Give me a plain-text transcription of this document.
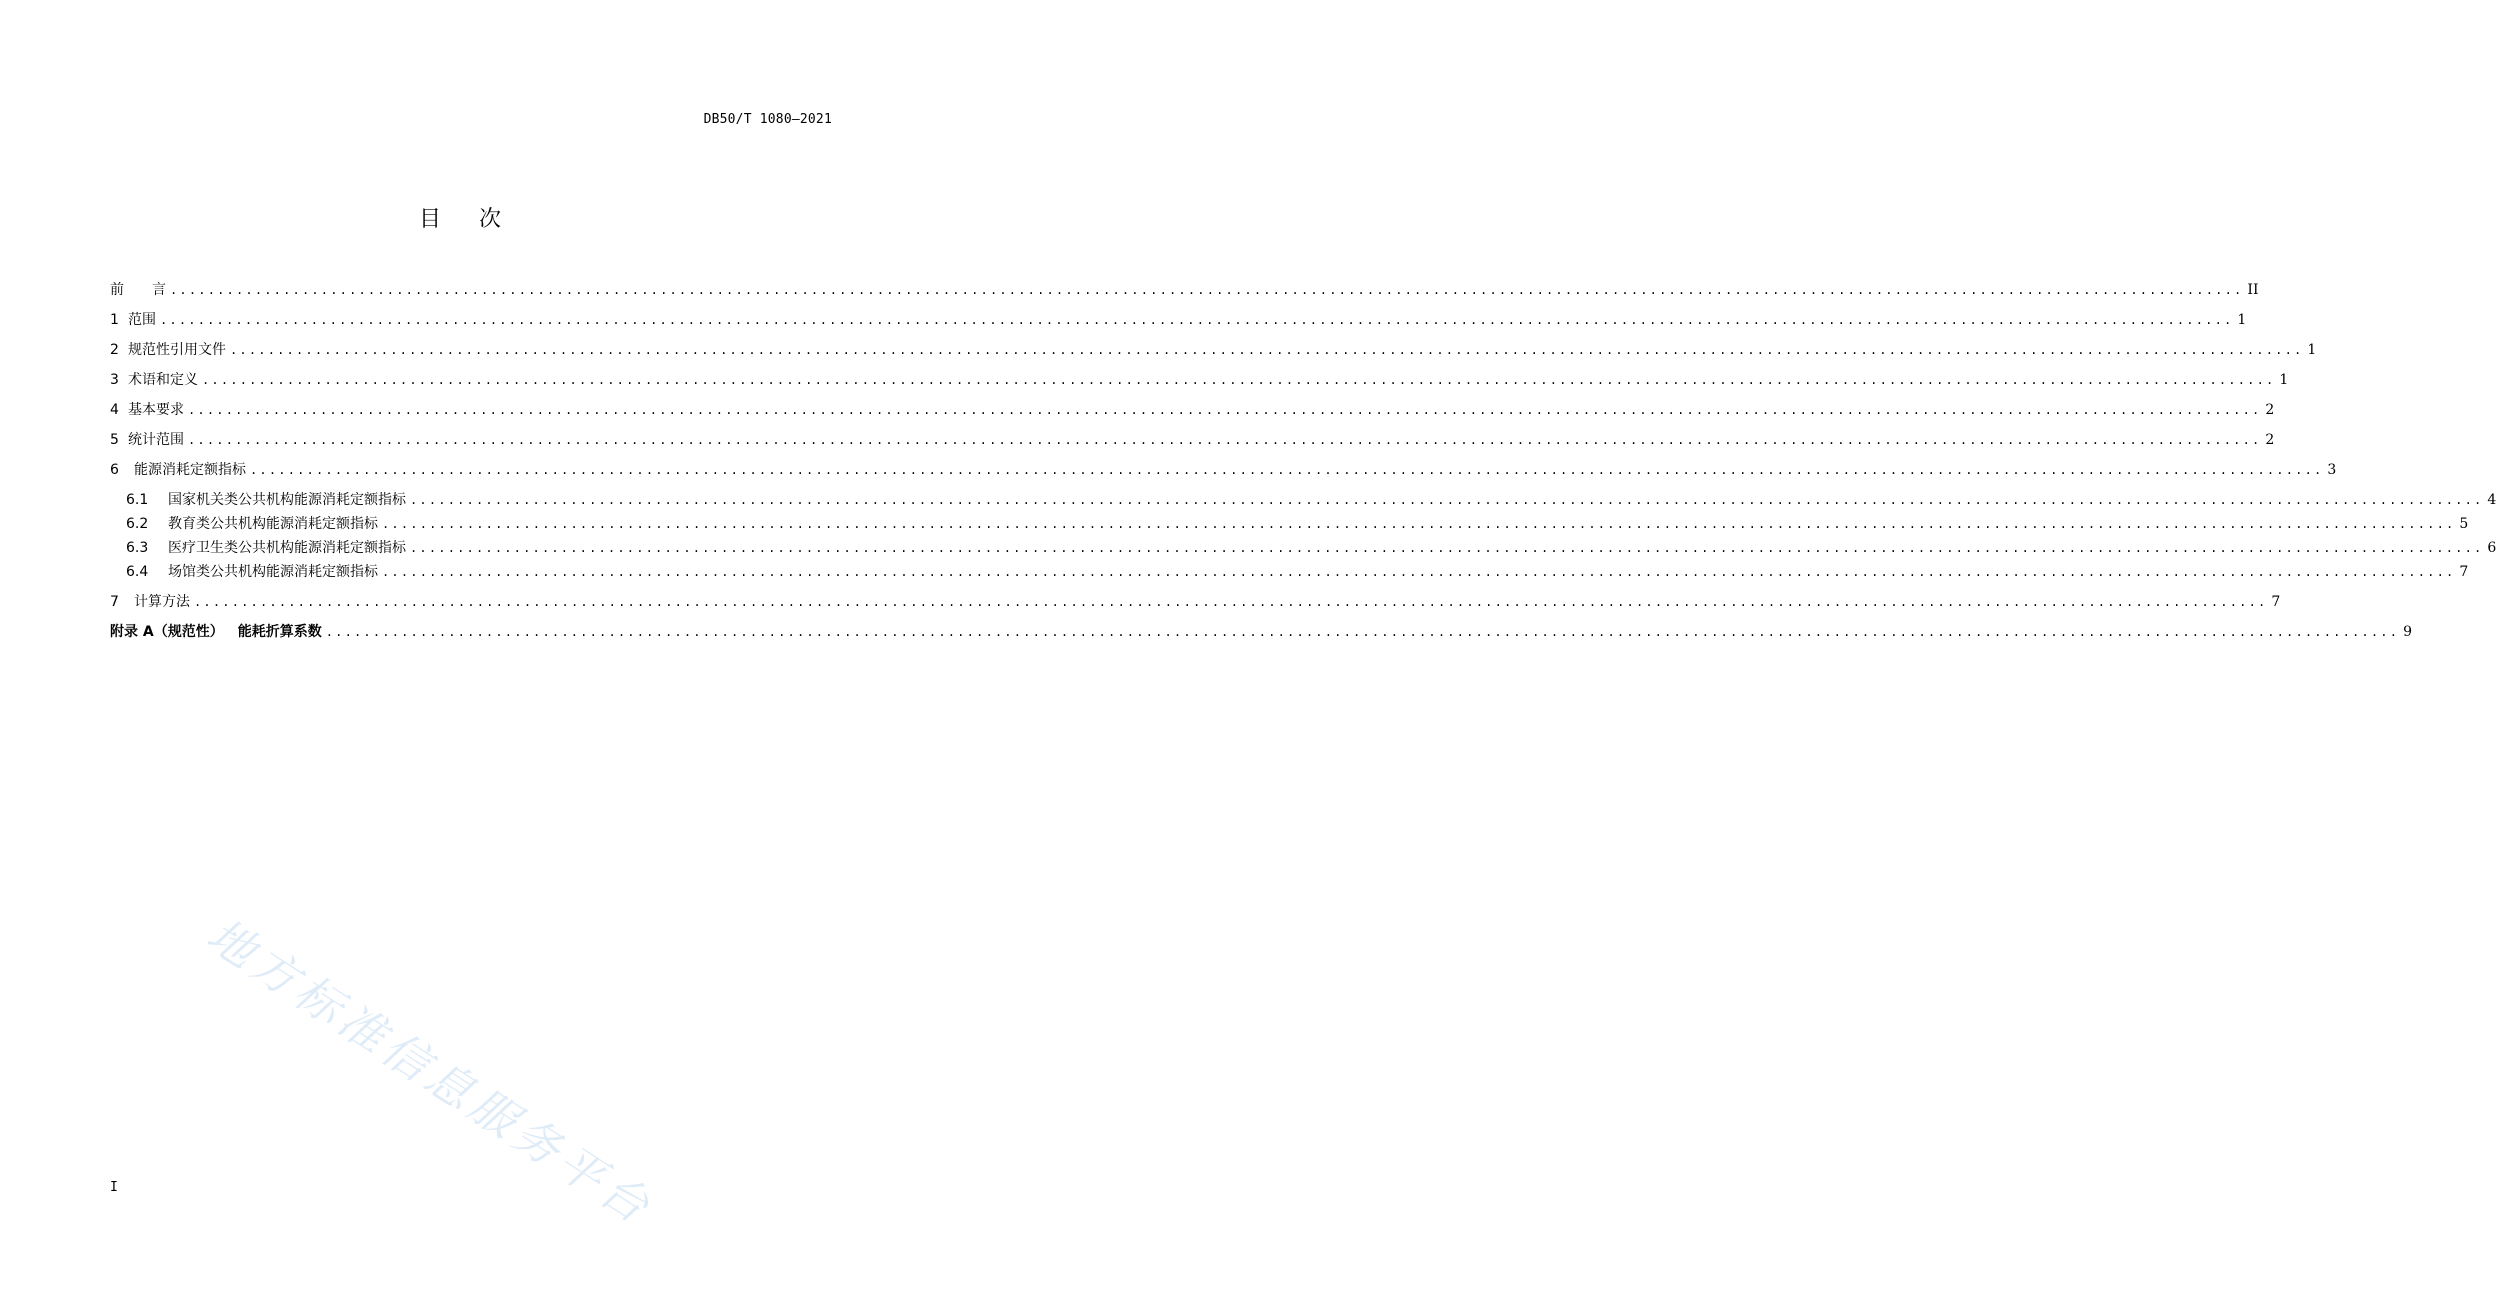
DB50/T 1080—2021
目 次
前 言 ............................................................................................................................................................................................................................ II
1 范围 ............................................................................................................................................................................................................................ 1
2 规范性引用文件 ............................................................................................................................................................................................................................ 1
3 术语和定义 ............................................................................................................................................................................................................................ 1
4 基本要求 ............................................................................................................................................................................................................................ 2
5 统计范围 ............................................................................................................................................................................................................................ 2
6 能源消耗定额指标 ............................................................................................................................................................................................................................ 3
6.1 国家机关类公共机构能源消耗定额指标 ............................................................................................................................................................................................................................ 4
6.2 教育类公共机构能源消耗定额指标 ............................................................................................................................................................................................................................ 5
6.3 医疗卫生类公共机构能源消耗定额指标 ............................................................................................................................................................................................................................ 6
6.4 场馆类公共机构能源消耗定额指标 ............................................................................................................................................................................................................................ 7
7 计算方法 ............................................................................................................................................................................................................................ 7
附录 A（规范性） 能耗折算系数 ............................................................................................................................................................................................................................ 9
地方标准信息服务平台
I
